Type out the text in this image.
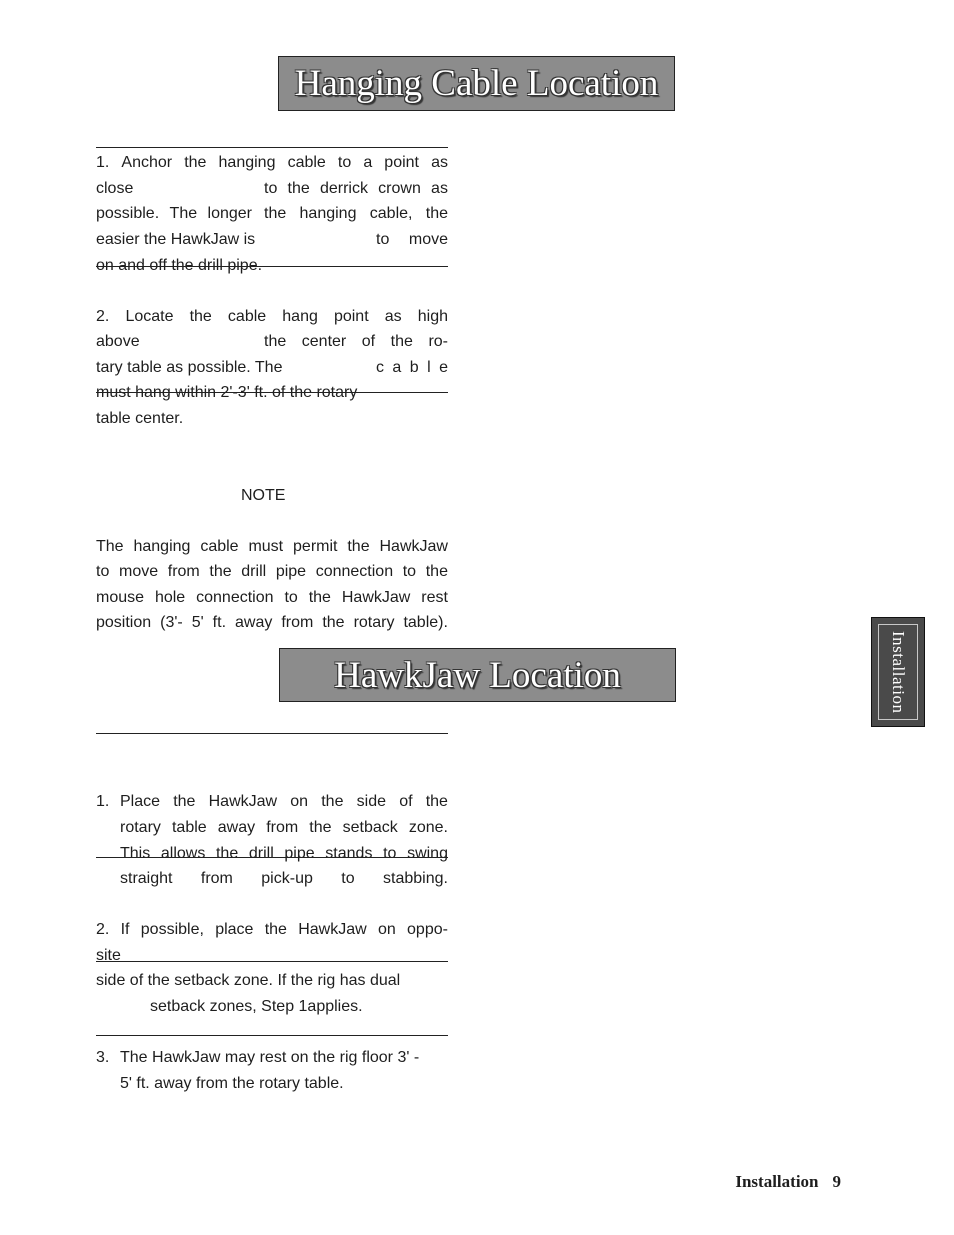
Hanging Cable Location
1. Anchor the hanging cable to a point as
close	to the derrick crown as
possible. The longer the hanging cable, the
easier the HawkJaw is	to move
on and off the drill pipe.
2. Locate the cable hang point as high
above	the center of the ro-
tary table as possible. The	c a b l e
must hang within 2'-3' ft. of the rotary
table center.
NOTE
The hanging cable must permit the HawkJaw
to move from the drill pipe connection to the
mouse hole connection to the HawkJaw rest
position (3'- 5' ft. away from the rotary table).
HawkJaw Location
1. Place the HawkJaw on the side of the
rotary table away from the setback zone.
This allows the drill pipe stands to swing
straight from pick-up to stabbing.
2. If possible, place the HawkJaw on oppo-
site
side of the setback zone. If the rig has dual
setback zones, Step 1applies.
3. The HawkJaw may rest on the rig floor 3' -
5' ft. away from the rotary table.
Installation
Installation 9
